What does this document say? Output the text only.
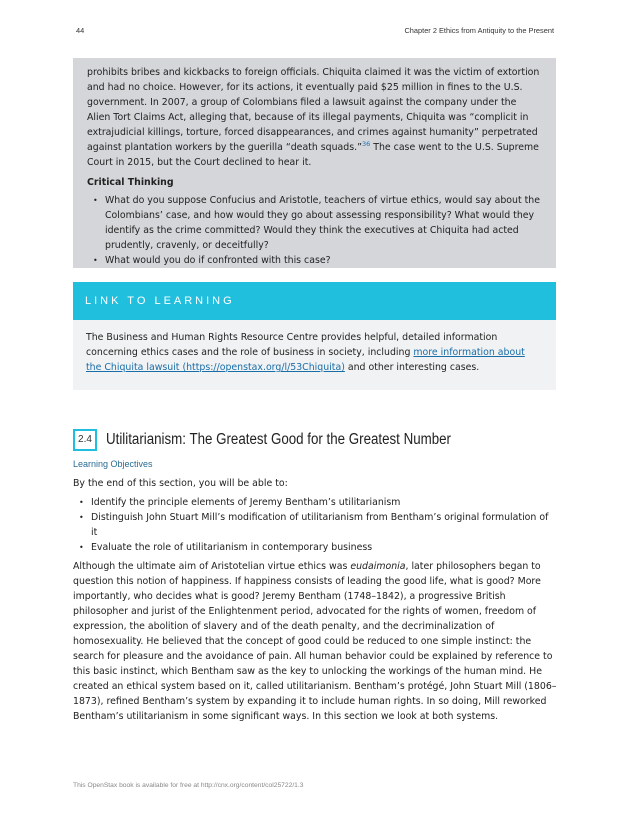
44	Chapter 2 Ethics from Antiquity to the Present

prohibits bribes and kickbacks to foreign officials. Chiquita claimed it was the victim of extortion and had no choice. However, for its actions, it eventually paid $25 million in fines to the U.S. government. In 2007, a group of Colombians filed a lawsuit against the company under the Alien Tort Claims Act, alleging that, because of its illegal payments, Chiquita was “complicit in extrajudicial killings, torture, forced disappearances, and crimes against humanity” perpetrated against plantation workers by the guerilla “death squads.”$^{36}$ The case went to the U.S. Supreme Court in 2015, but the Court declined to hear it.

Critical Thinking

• What do you suppose Confucius and Aristotle, teachers of virtue ethics, would say about the Colombians’ case, and how would they go about assessing responsibility? What would they identify as the crime committed? Would they think the executives at Chiquita had acted prudently, cravenly, or deceitfully?
• What would you do if confronted with this case?
LINK TO LEARNING

The Business and Human Rights Resource Centre provides helpful, detailed information concerning ethics cases and the role of business in society, including more information about the Chiquita lawsuit (https://openstax.org/l/53Chiquita) and other interesting cases.

2.4 Utilitarianism: The Greatest Good for the Greatest Number
Learning Objectives

By the end of this section, you will be able to:

• Identify the principle elements of Jeremy Bentham’s utilitarianism
• Distinguish John Stuart Mill’s modification of utilitarianism from Bentham’s original formulation of it
• Evaluate the role of utilitarianism in contemporary business

Although the ultimate aim of Aristotelian virtue ethics was eudaimonia, later philosophers began to question this notion of happiness. If happiness consists of leading the good life, what is good? More importantly, who decides what is good? Jeremy Bentham (1748–1842), a progressive British philosopher and jurist of the Enlightenment period, advocated for the rights of women, freedom of expression, the abolition of slavery and of the death penalty, and the decriminalization of homosexuality. He believed that the concept of good could be reduced to one simple instinct: the search for pleasure and the avoidance of pain. All human behavior could be explained by reference to this basic instinct, which Bentham saw as the key to unlocking the workings of the human mind. He created an ethical system based on it, called utilitarianism. Bentham’s protégé, John Stuart Mill (1806–1873), refined Bentham’s system by expanding it to include human rights. In so doing, Mill reworked Bentham’s utilitarianism in some significant ways. In this section we look at both systems.

This OpenStax book is available for free at http://cnx.org/content/col25722/1.3
